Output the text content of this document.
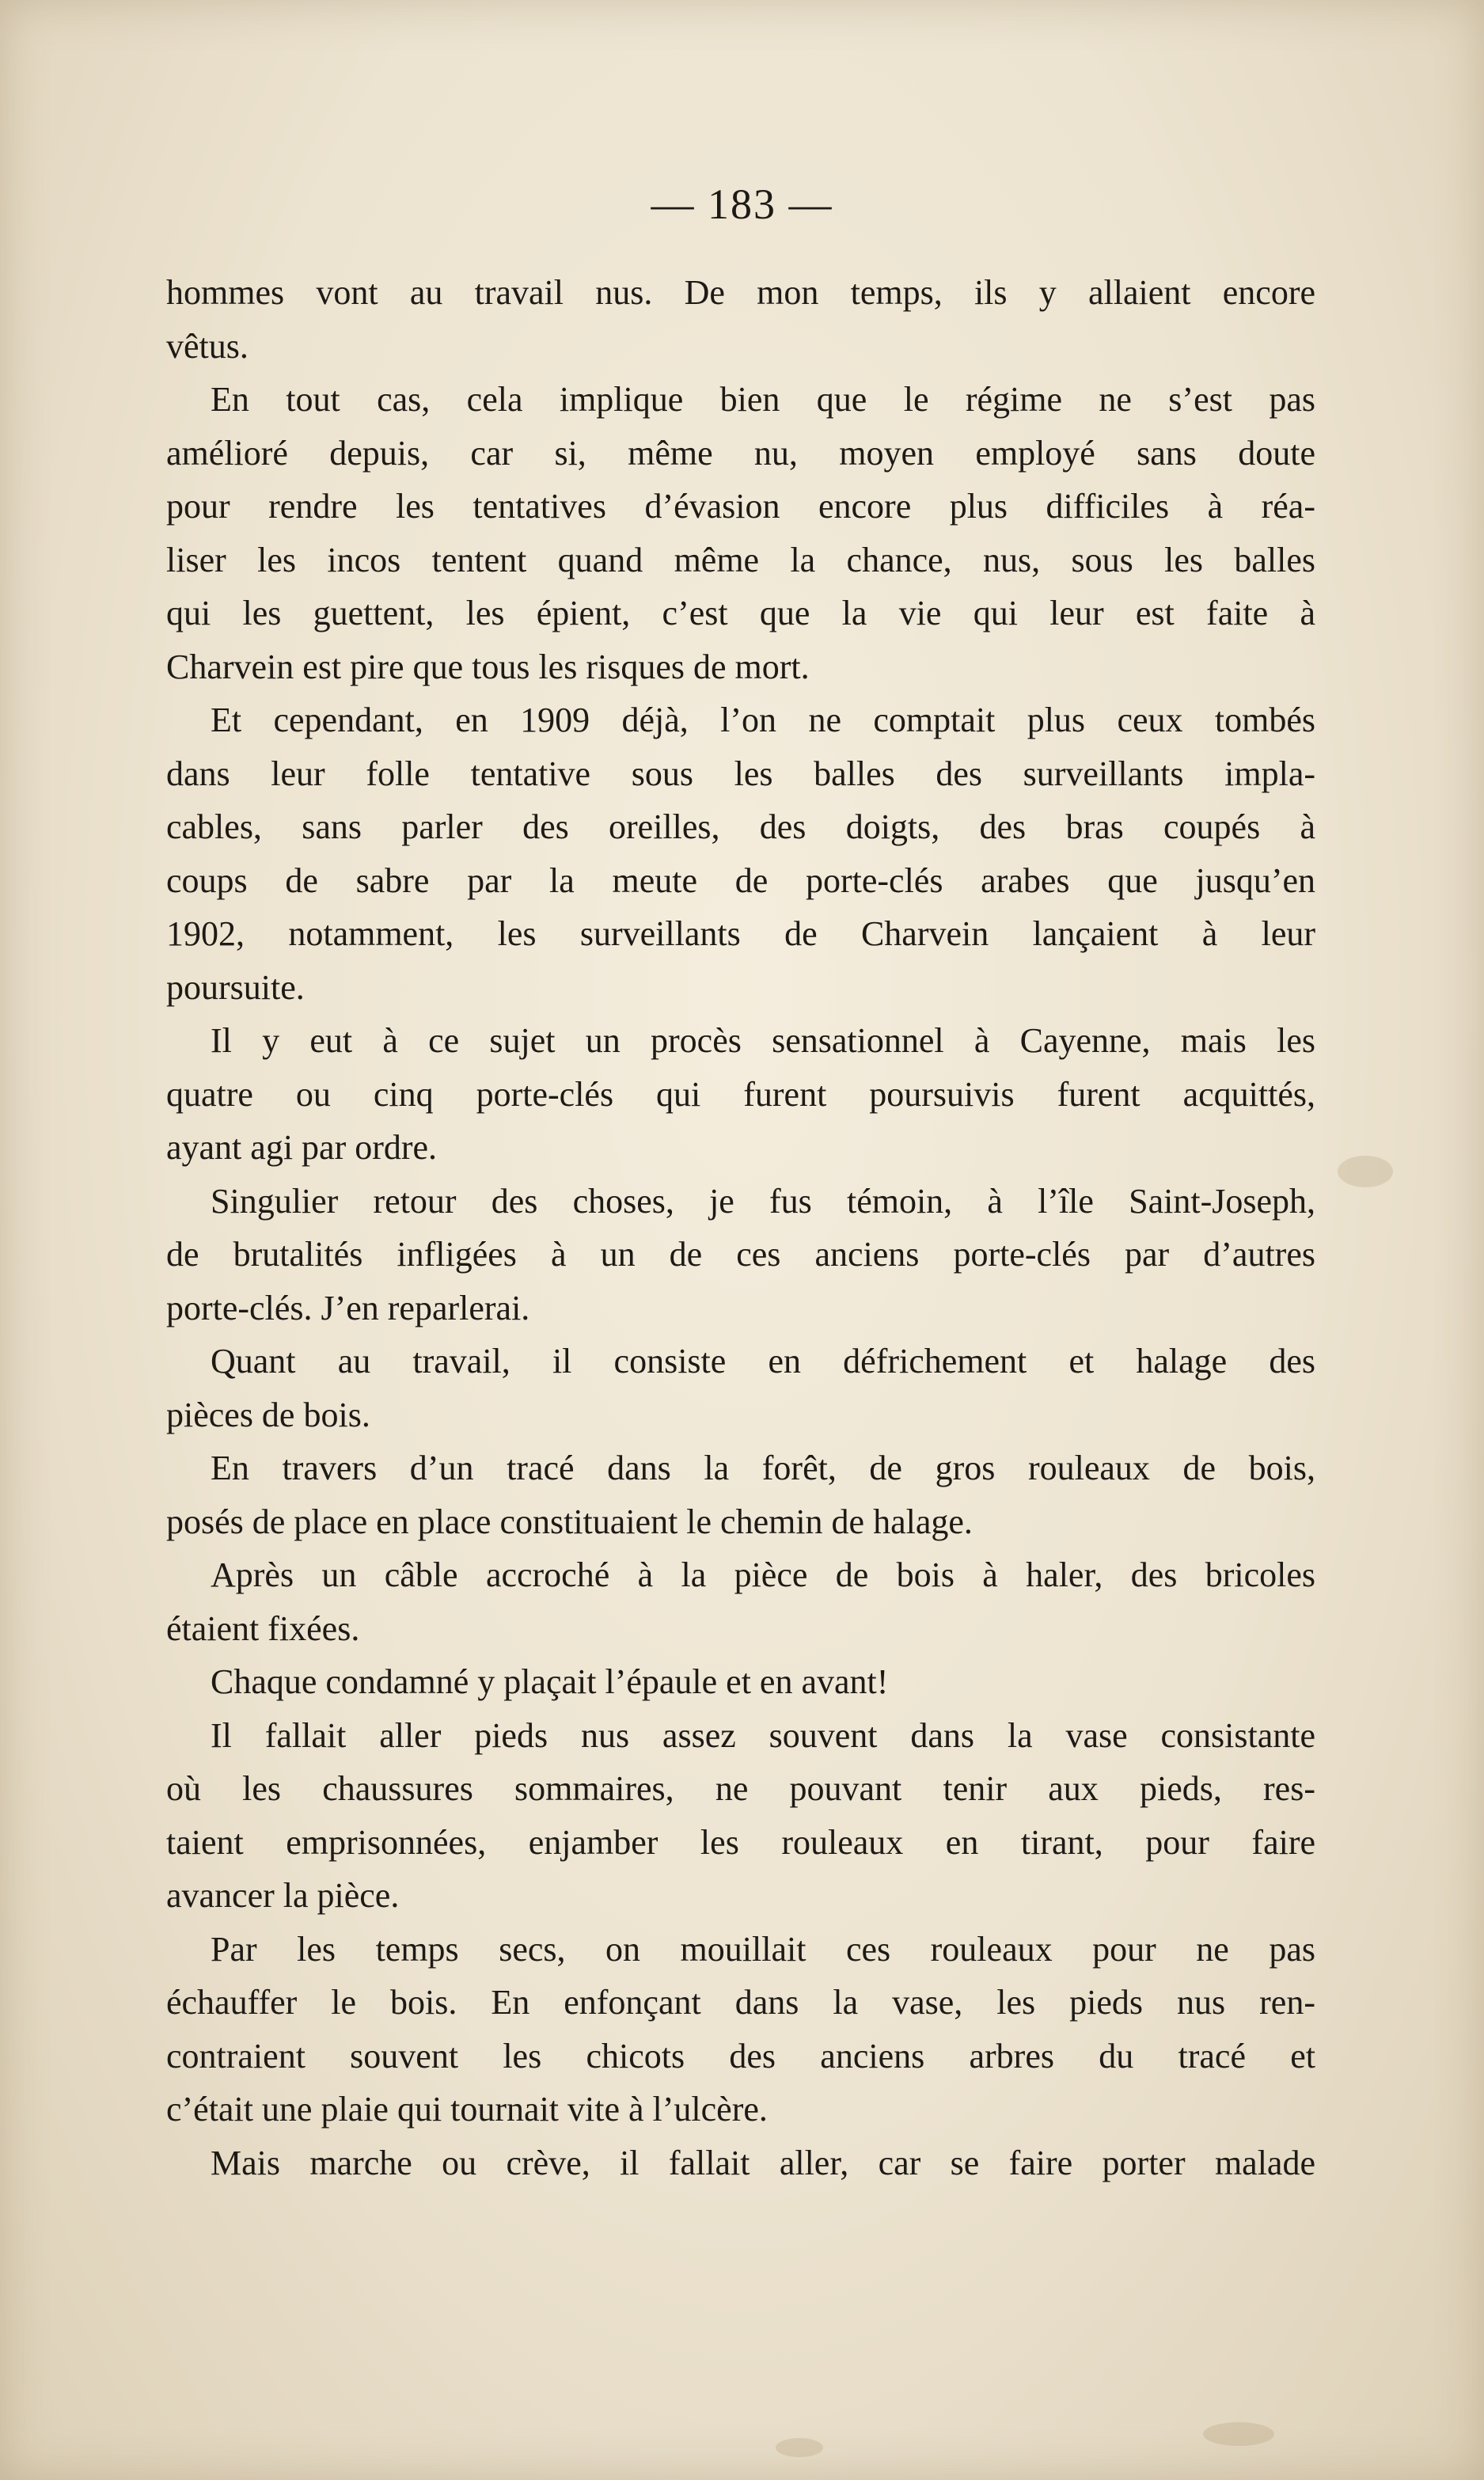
— 183 —
hommes vont au travail nus. De mon temps, ils y allaient encore
vêtus.
En tout cas, cela implique bien que le régime ne s’est pas
amélioré depuis, car si, même nu, moyen employé sans doute
pour rendre les tentatives d’évasion encore plus difficiles à réa-
liser les incos tentent quand même la chance, nus, sous les balles
qui les guettent, les épient, c’est que la vie qui leur est faite à
Charvein est pire que tous les risques de mort.
Et cependant, en 1909 déjà, l’on ne comptait plus ceux tombés
dans leur folle tentative sous les balles des surveillants impla-
cables, sans parler des oreilles, des doigts, des bras coupés à
coups de sabre par la meute de porte-clés arabes que jusqu’en
1902, notamment, les surveillants de Charvein lançaient à leur
poursuite.
Il y eut à ce sujet un procès sensationnel à Cayenne, mais les
quatre ou cinq porte-clés qui furent poursuivis furent acquittés,
ayant agi par ordre.
Singulier retour des choses, je fus témoin, à l’île Saint-Joseph,
de brutalités infligées à un de ces anciens porte-clés par d’autres
porte-clés. J’en reparlerai.
Quant au travail, il consiste en défrichement et halage des
pièces de bois.
En travers d’un tracé dans la forêt, de gros rouleaux de bois,
posés de place en place constituaient le chemin de halage.
Après un câble accroché à la pièce de bois à haler, des bricoles
étaient fixées.
Chaque condamné y plaçait l’épaule et en avant!
Il fallait aller pieds nus assez souvent dans la vase consistante
où les chaussures sommaires, ne pouvant tenir aux pieds, res-
taient emprisonnées, enjamber les rouleaux en tirant, pour faire
avancer la pièce.
Par les temps secs, on mouillait ces rouleaux pour ne pas
échauffer le bois. En enfonçant dans la vase, les pieds nus ren-
contraient souvent les chicots des anciens arbres du tracé et
c’était une plaie qui tournait vite à l’ulcère.
Mais marche ou crève, il fallait aller, car se faire porter malade
